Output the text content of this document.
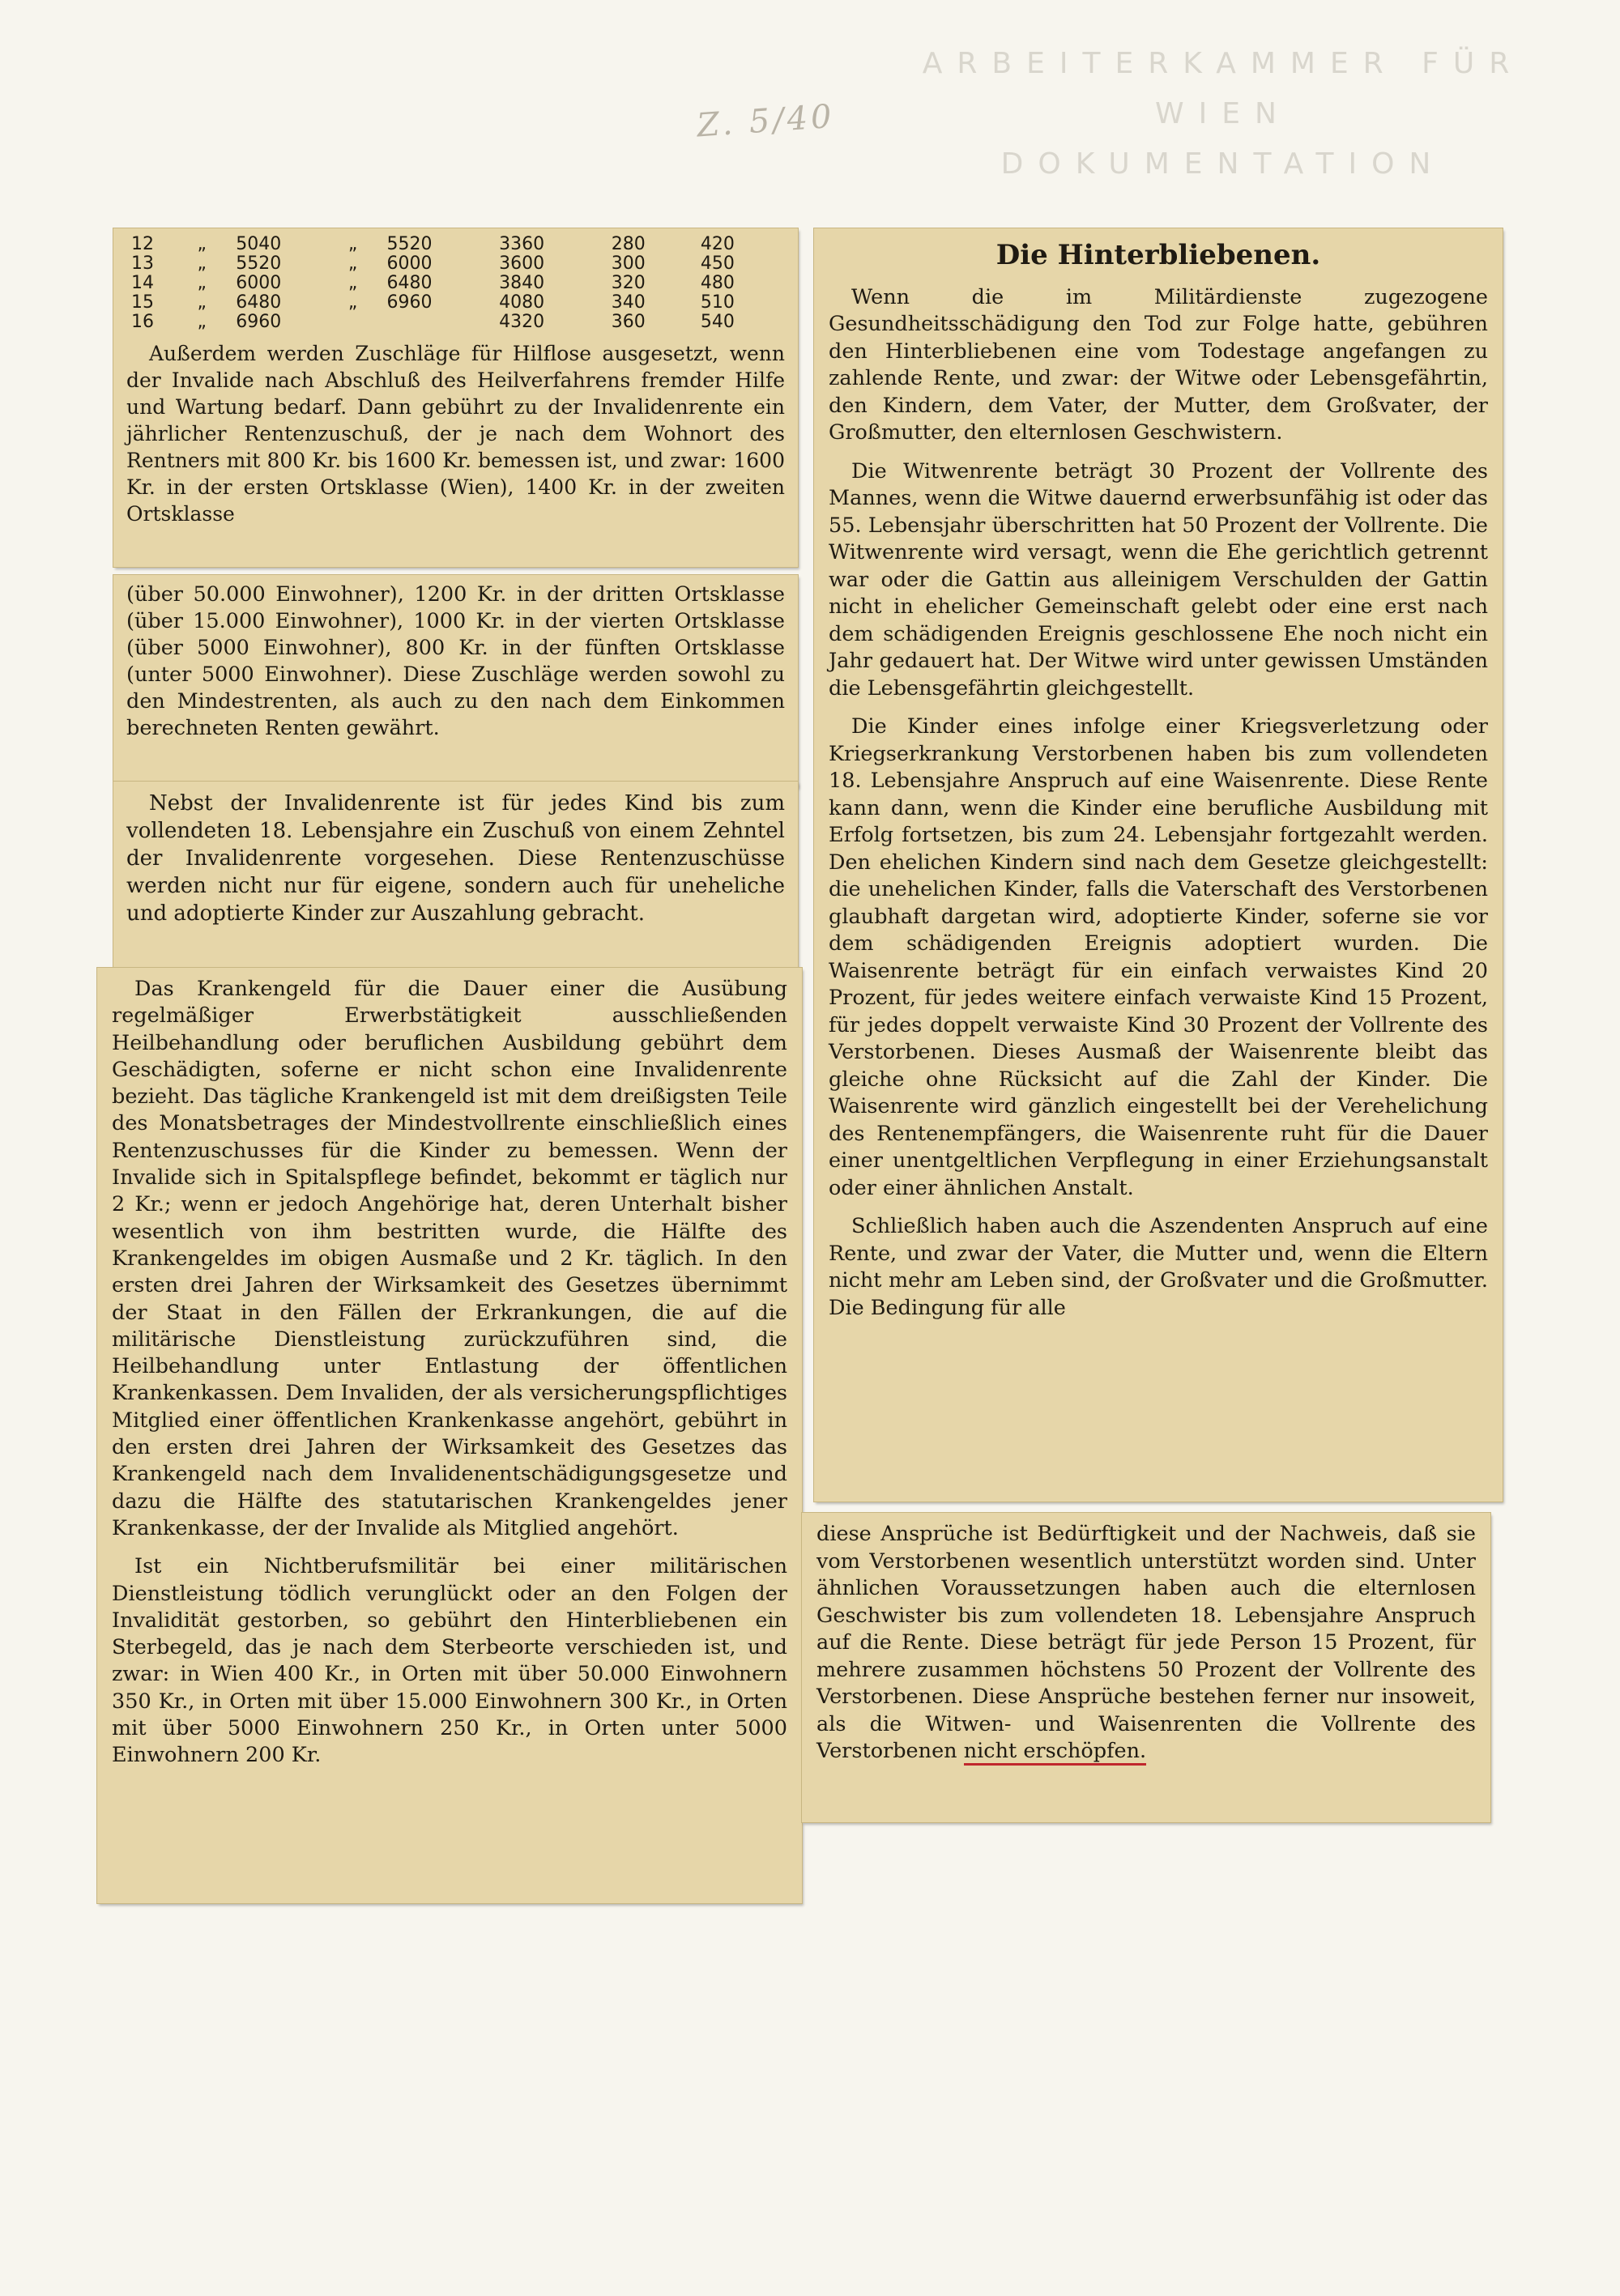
ARBEITERKAMMER FÜR WIEN
DOKUMENTATION
Z. 5/40
12	„	5040	„	5520	3360	280	420
13	„	5520	„	6000	3600	300	450
14	„	6000	„	6480	3840	320	480
15	„	6480	„	6960	4080	340	510
16	„	6960			4320	360	540

Außerdem werden Zuschläge für Hilflose ausgesetzt, wenn der Invalide nach Abschluß des Heilverfahrens fremder Hilfe und Wartung bedarf. Dann gebührt zu der Invalidenrente ein jährlicher Rentenzuschuß, der je nach dem Wohnort des Rentners mit 800 Kr. bis 1600 Kr. bemessen ist, und zwar: 1600 Kr. in der ersten Ortsklasse (Wien), 1400 Kr. in der zweiten Ortsklasse

(über 50.000 Einwohner), 1200 Kr. in der dritten Ortsklasse (über 15.000 Einwohner), 1000 Kr. in der vierten Ortsklasse (über 5000 Einwohner), 800 Kr. in der fünften Ortsklasse (unter 5000 Einwohner). Diese Zuschläge werden sowohl zu den Mindestrenten, als auch zu den nach dem Einkommen berechneten Renten gewährt.

Nebst der Invalidenrente ist für jedes Kind bis zum vollendeten 18. Lebensjahre ein Zuschuß von einem Zehntel der Invalidenrente vorgesehen. Diese Rentenzuschüsse werden nicht nur für eigene, sondern auch für uneheliche und adoptierte Kinder zur Auszahlung gebracht.

Das Krankengeld für die Dauer einer die Ausübung regelmäßiger Erwerbstätigkeit ausschließenden Heilbehandlung oder beruflichen Ausbildung gebührt dem Geschädigten, soferne er nicht schon eine Invalidenrente bezieht. Das tägliche Krankengeld ist mit dem dreißigsten Teile des Monatsbetrages der Mindestvollrente einschließlich eines Rentenzuschusses für die Kinder zu bemessen. Wenn der Invalide sich in Spitalspflege befindet, bekommt er täglich nur 2 Kr.; wenn er jedoch Angehörige hat, deren Unterhalt bisher wesentlich von ihm bestritten wurde, die Hälfte des Krankengeldes im obigen Ausmaße und 2 Kr. täglich. In den ersten drei Jahren der Wirksamkeit des Gesetzes übernimmt der Staat in den Fällen der Erkrankungen, die auf die militärische Dienstleistung zurückzuführen sind, die Heilbehandlung unter Entlastung der öffentlichen Krankenkassen. Dem Invaliden, der als versicherungspflichtiges Mitglied einer öffentlichen Krankenkasse angehört, gebührt in den ersten drei Jahren der Wirksamkeit des Gesetzes das Krankengeld nach dem Invalidenentschädigungsgesetze und dazu die Hälfte des statutarischen Krankengeldes jener Krankenkasse, der der Invalide als Mitglied angehört.

Ist ein Nichtberufsmilitär bei einer militärischen Dienstleistung tödlich verunglückt oder an den Folgen der Invalidität gestorben, so gebührt den Hinterbliebenen ein Sterbegeld, das je nach dem Sterbeorte verschieden ist, und zwar: in Wien 400 Kr., in Orten mit über 50.000 Einwohnern 350 Kr., in Orten mit über 15.000 Einwohnern 300 Kr., in Orten mit über 5000 Einwohnern 250 Kr., in Orten unter 5000 Einwohnern 200 Kr.

Die Hinterbliebenen.

Wenn die im Militärdienste zugezogene Gesundheitsschädigung den Tod zur Folge hatte, gebühren den Hinterbliebenen eine vom Todestage angefangen zu zahlende Rente, und zwar: der Witwe oder Lebensgefährtin, den Kindern, dem Vater, der Mutter, dem Großvater, der Großmutter, den elternlosen Geschwistern.

Die Witwenrente beträgt 30 Prozent der Vollrente des Mannes, wenn die Witwe dauernd erwerbsunfähig ist oder das 55. Lebensjahr überschritten hat 50 Prozent der Vollrente. Die Witwenrente wird versagt, wenn die Ehe gerichtlich getrennt war oder die Gattin aus alleinigem Verschulden der Gattin nicht in ehelicher Gemeinschaft gelebt oder eine erst nach dem schädigenden Ereignis geschlossene Ehe noch nicht ein Jahr gedauert hat. Der Witwe wird unter gewissen Umständen die Lebensgefährtin gleichgestellt.

Die Kinder eines infolge einer Kriegsverletzung oder Kriegserkrankung Verstorbenen haben bis zum vollendeten 18. Lebensjahre Anspruch auf eine Waisenrente. Diese Rente kann dann, wenn die Kinder eine berufliche Ausbildung mit Erfolg fortsetzen, bis zum 24. Lebensjahr fortgezahlt werden. Den ehelichen Kindern sind nach dem Gesetze gleichgestellt: die unehelichen Kinder, falls die Vaterschaft des Verstorbenen glaubhaft dargetan wird, adoptierte Kinder, soferne sie vor dem schädigenden Ereignis adoptiert wurden. Die Waisenrente beträgt für ein einfach verwaistes Kind 20 Prozent, für jedes weitere einfach verwaiste Kind 15 Prozent, für jedes doppelt verwaiste Kind 30 Prozent der Vollrente des Verstorbenen. Dieses Ausmaß der Waisenrente bleibt das gleiche ohne Rücksicht auf die Zahl der Kinder. Die Waisenrente wird gänzlich eingestellt bei der Verehelichung des Rentenempfängers, die Waisenrente ruht für die Dauer einer unentgeltlichen Verpflegung in einer Erziehungsanstalt oder einer ähnlichen Anstalt.

Schließlich haben auch die Aszendenten Anspruch auf eine Rente, und zwar der Vater, die Mutter und, wenn die Eltern nicht mehr am Leben sind, der Großvater und die Großmutter. Die Bedingung für alle

diese Ansprüche ist Bedürftigkeit und der Nachweis, daß sie vom Verstorbenen wesentlich unterstützt worden sind. Unter ähnlichen Voraussetzungen haben auch die elternlosen Geschwister bis zum vollendeten 18. Lebensjahre Anspruch auf die Rente. Diese beträgt für jede Person 15 Prozent, für mehrere zusammen höchstens 50 Prozent der Vollrente des Verstorbenen. Diese Ansprüche bestehen ferner nur insoweit, als die Witwen- und Waisenrenten die Vollrente des Verstorbenen nicht erschöpfen.
